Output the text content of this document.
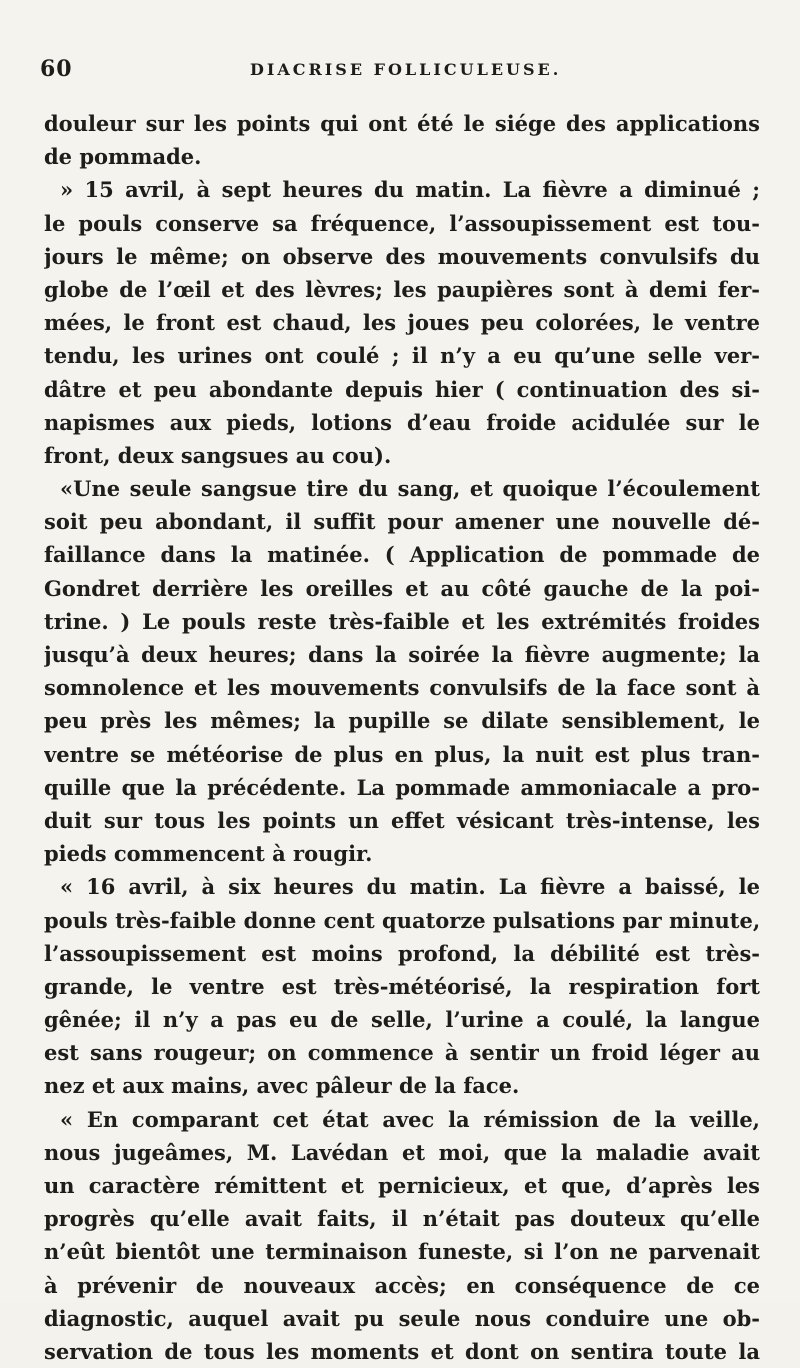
60	DIACRISE FOLLICULEUSE.
douleur sur les points qui ont été le siége des applications
de pommade.
» 15 avril, à sept heures du matin. La fièvre a diminué ;
le pouls conserve sa fréquence, l’assoupissement est tou-
jours le même; on observe des mouvements convulsifs du
globe de l’œil et des lèvres; les paupières sont à demi fer-
mées, le front est chaud, les joues peu colorées, le ventre
tendu, les urines ont coulé ; il n’y a eu qu’une selle ver-
dâtre et peu abondante depuis hier ( continuation des si-
napismes aux pieds, lotions d’eau froide acidulée sur le
front, deux sangsues au cou).
«Une seule sangsue tire du sang, et quoique l’écoulement
soit peu abondant, il suffit pour amener une nouvelle dé-
faillance dans la matinée. ( Application de pommade de
Gondret derrière les oreilles et au côté gauche de la poi-
trine. ) Le pouls reste très-faible et les extrémités froides
jusqu’à deux heures; dans la soirée la fièvre augmente; la
somnolence et les mouvements convulsifs de la face sont à
peu près les mêmes; la pupille se dilate sensiblement, le
ventre se météorise de plus en plus, la nuit est plus tran-
quille que la précédente. La pommade ammoniacale a pro-
duit sur tous les points un effet vésicant très-intense, les
pieds commencent à rougir.
« 16 avril, à six heures du matin. La fièvre a baissé, le
pouls très-faible donne cent quatorze pulsations par minute,
l’assoupissement est moins profond, la débilité est très-
grande, le ventre est très-météorisé, la respiration fort
gênée; il n’y a pas eu de selle, l’urine a coulé, la langue
est sans rougeur; on commence à sentir un froid léger au
nez et aux mains, avec pâleur de la face.
« En comparant cet état avec la rémission de la veille,
nous jugeâmes, M. Lavédan et moi, que la maladie avait
un caractère rémittent et pernicieux, et que, d’après les
progrès qu’elle avait faits, il n’était pas douteux qu’elle
n’eût bientôt une terminaison funeste, si l’on ne parvenait
à prévenir de nouveaux accès; en conséquence de ce
diagnostic, auquel avait pu seule nous conduire une ob-
servation de tous les moments et dont on sentira toute la
